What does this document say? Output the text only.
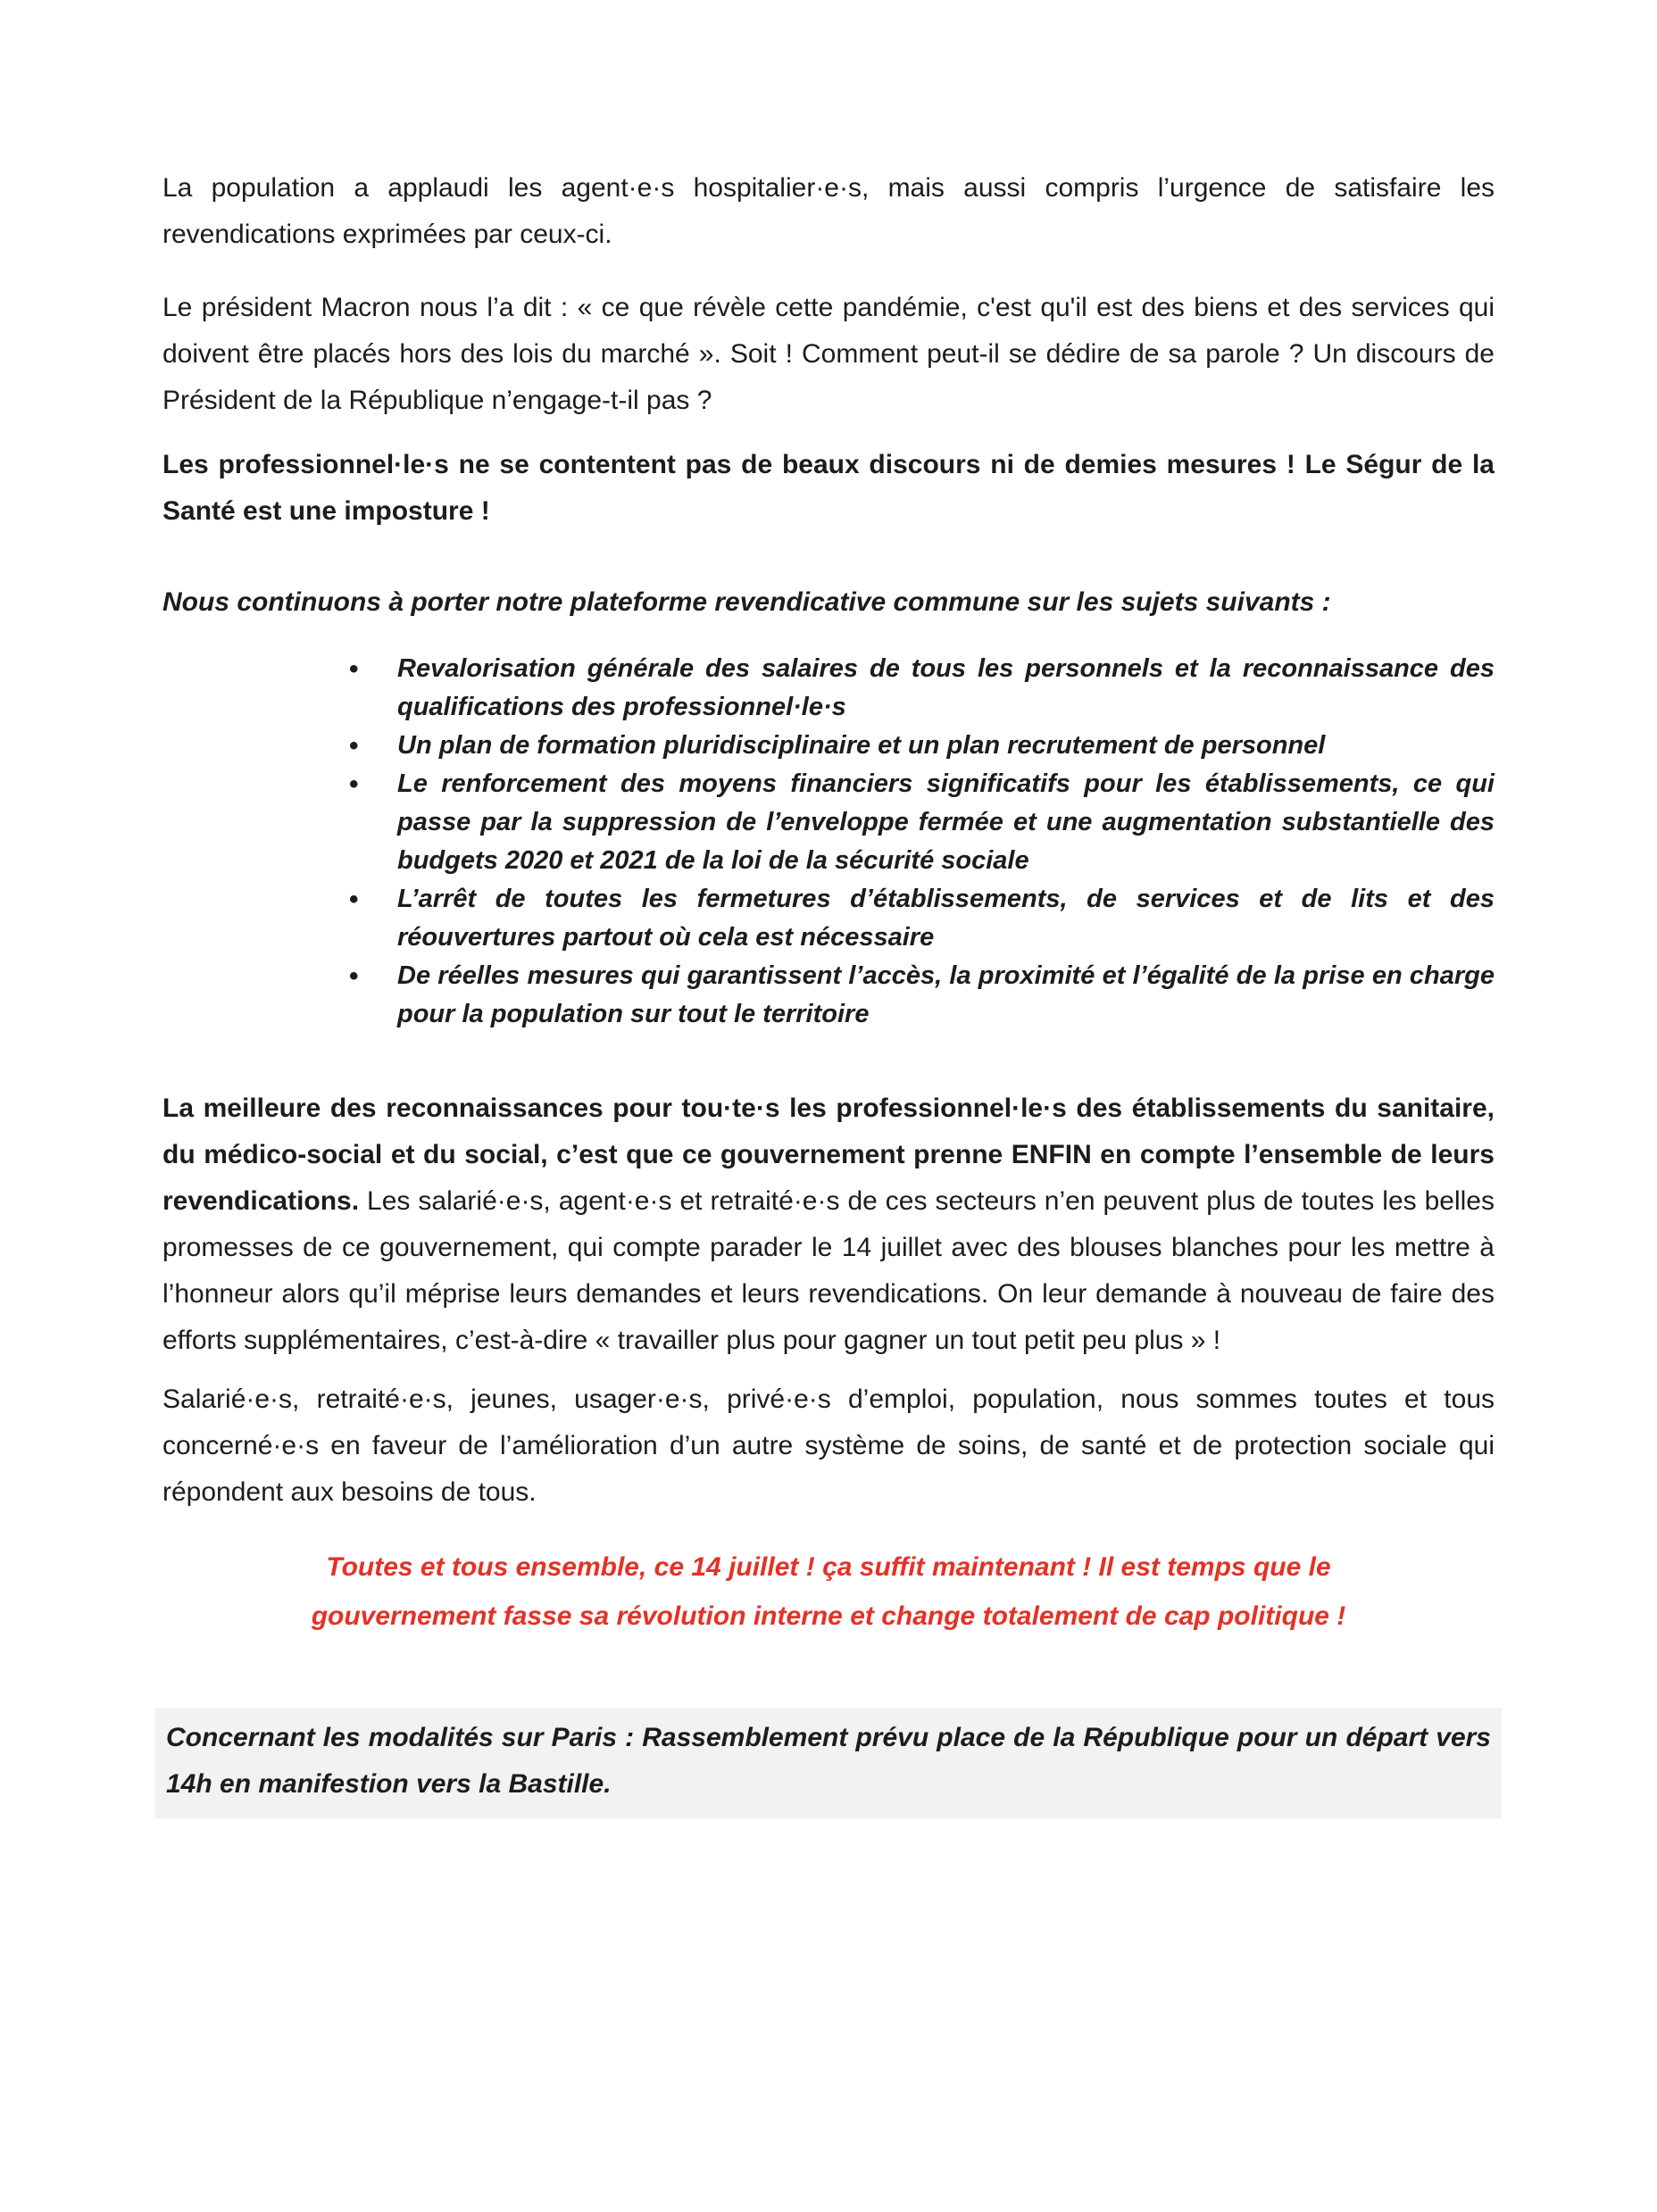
La population a applaudi les agent·e·s hospitalier·e·s, mais aussi compris l’urgence de satisfaire les revendications exprimées par ceux-ci.

Le président Macron nous l’a dit : « ce que révèle cette pandémie, c'est qu'il est des biens et des services qui doivent être placés hors des lois du marché ». Soit ! Comment peut-il se dédire de sa parole ? Un discours de Président de la République n’engage-t-il pas ?

Les professionnel·le·s ne se contentent pas de beaux discours ni de demies mesures ! Le Ségur de la Santé est une imposture !

Nous continuons à porter notre plateforme revendicative commune sur les sujets suivants :

• Revalorisation générale des salaires de tous les personnels et la reconnaissance des qualifications des professionnel·le·s
• Un plan de formation pluridisciplinaire et un plan recrutement de personnel
• Le renforcement des moyens financiers significatifs pour les établissements, ce qui passe par la suppression de l’enveloppe fermée et une augmentation substantielle des budgets 2020 et 2021 de la loi de la sécurité sociale
• L’arrêt de toutes les fermetures d’établissements, de services et de lits et des réouvertures partout où cela est nécessaire
• De réelles mesures qui garantissent l’accès, la proximité et l’égalité de la prise en charge pour la population sur tout le territoire

La meilleure des reconnaissances pour tou·te·s les professionnel·le·s des établissements du sanitaire, du médico-social et du social, c’est que ce gouvernement prenne ENFIN en compte l’ensemble de leurs revendications. Les salarié·e·s, agent·e·s et retraité·e·s de ces secteurs n’en peuvent plus de toutes les belles promesses de ce gouvernement, qui compte parader le 14 juillet avec des blouses blanches pour les mettre à l’honneur alors qu’il méprise leurs demandes et leurs revendications. On leur demande à nouveau de faire des efforts supplémentaires, c’est-à-dire « travailler plus pour gagner un tout petit peu plus » !

Salarié·e·s, retraité·e·s, jeunes, usager·e·s, privé·e·s d’emploi, population, nous sommes toutes et tous concerné·e·s en faveur de l’amélioration d’un autre système de soins, de santé et de protection sociale qui répondent aux besoins de tous.

Toutes et tous ensemble, ce 14 juillet ! ça suffit maintenant ! Il est temps que le
gouvernement fasse sa révolution interne et change totalement de cap politique !

Concernant les modalités sur Paris : Rassemblement prévu place de la République pour un départ vers 14h en manifestion vers la Bastille.
